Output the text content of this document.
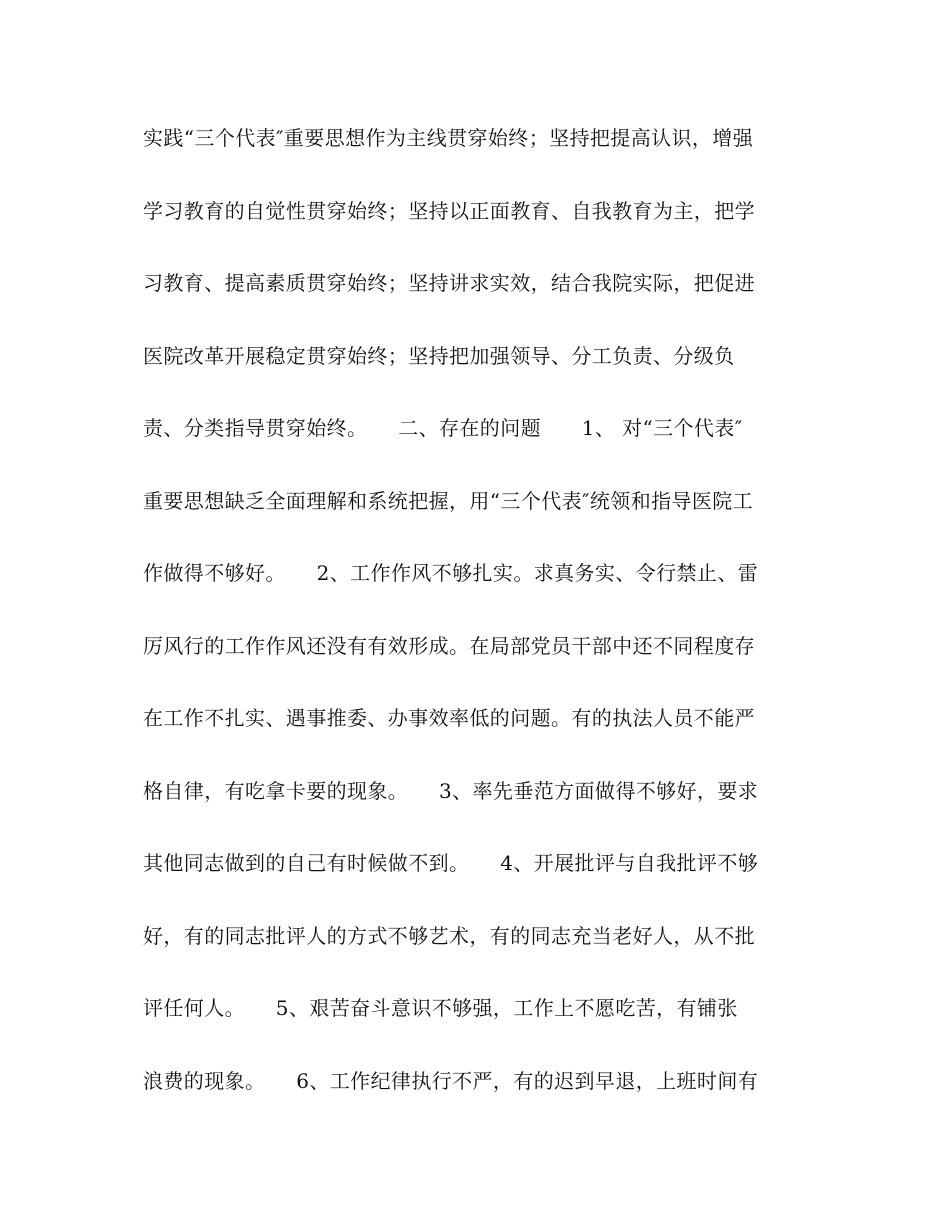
实践“三个代表″重要思想作为主线贯穿始终；坚持把提高认识，增强
学习教育的自觉性贯穿始终；坚持以正面教育、自我教育为主，把学
习教育、提高素质贯穿始终；坚持讲求实效，结合我院实际，把促进
医院改革开展稳定贯穿始终；坚持把加强领导、分工负责、分级负
责、分类指导贯穿始终。　　二、存在的问题　　1、 对“三个代表″
重要思想缺乏全面理解和系统把握，用“三个代表″统领和指导医院工
作做得不够好。　　2、工作作风不够扎实。求真务实、令行禁止、雷
厉风行的工作作风还没有有效形成。在局部党员干部中还不同程度存
在工作不扎实、遇事推委、办事效率低的问题。有的执法人员不能严
格自律，有吃拿卡要的现象。　　3、率先垂范方面做得不够好，要求
其他同志做到的自己有时候做不到。　　4、开展批评与自我批评不够
好，有的同志批评人的方式不够艺术，有的同志充当老好人，从不批
评任何人。　　5、艰苦奋斗意识不够强，工作上不愿吃苦，有铺张
浪费的现象。　　6、工作纪律执行不严，有的迟到早退，上班时间有
